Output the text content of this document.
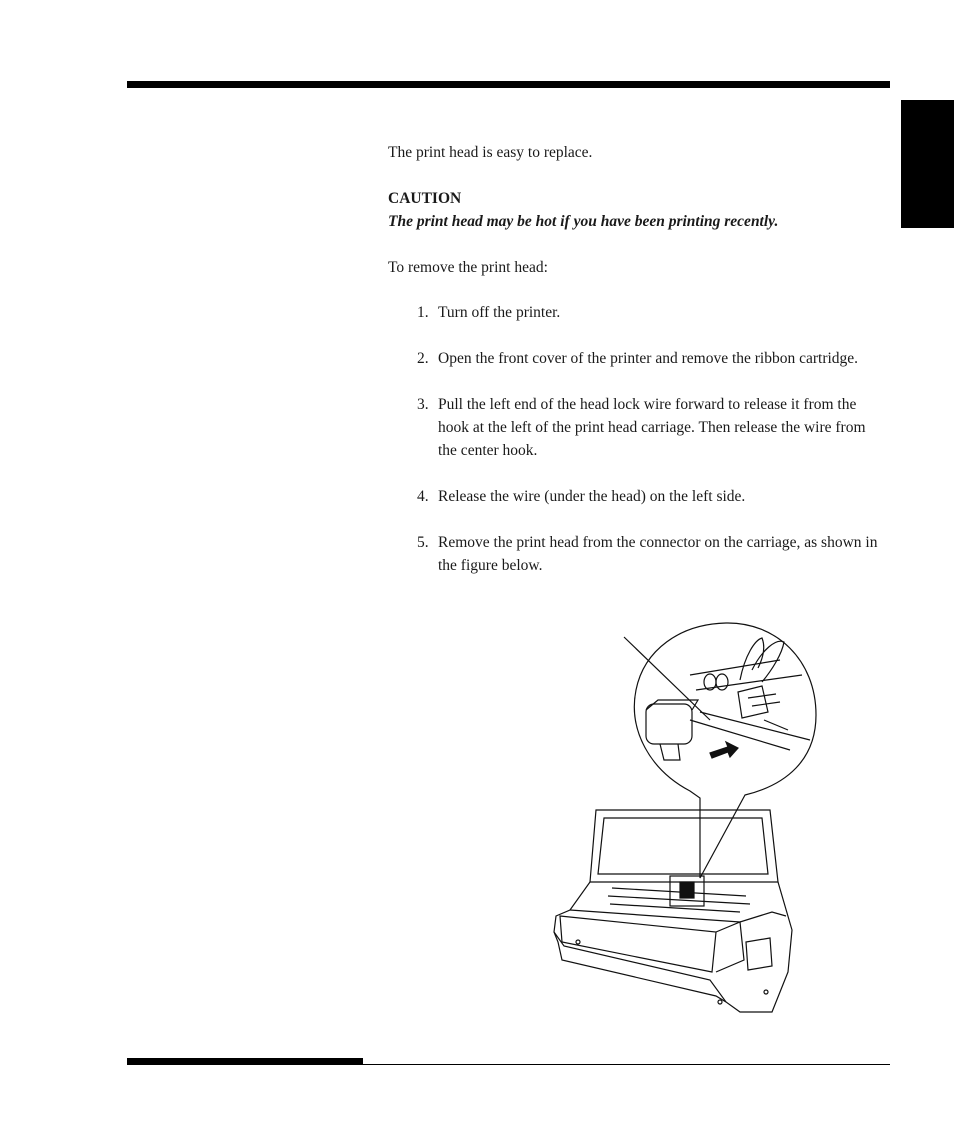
The print head is easy to replace.
CAUTION
The print head may be hot if you have been printing recently.
To remove the print head:
1. Turn off the printer.
2. Open the front cover of the printer and remove the ribbon cartridge.
3. Pull the left end of the head lock wire forward to release it from the hook at the left of the print head carriage. Then release the wire from the center hook.
4. Release the wire (under the head) on the left side.
5. Remove the print head from the connector on the carriage, as shown in the figure below.
